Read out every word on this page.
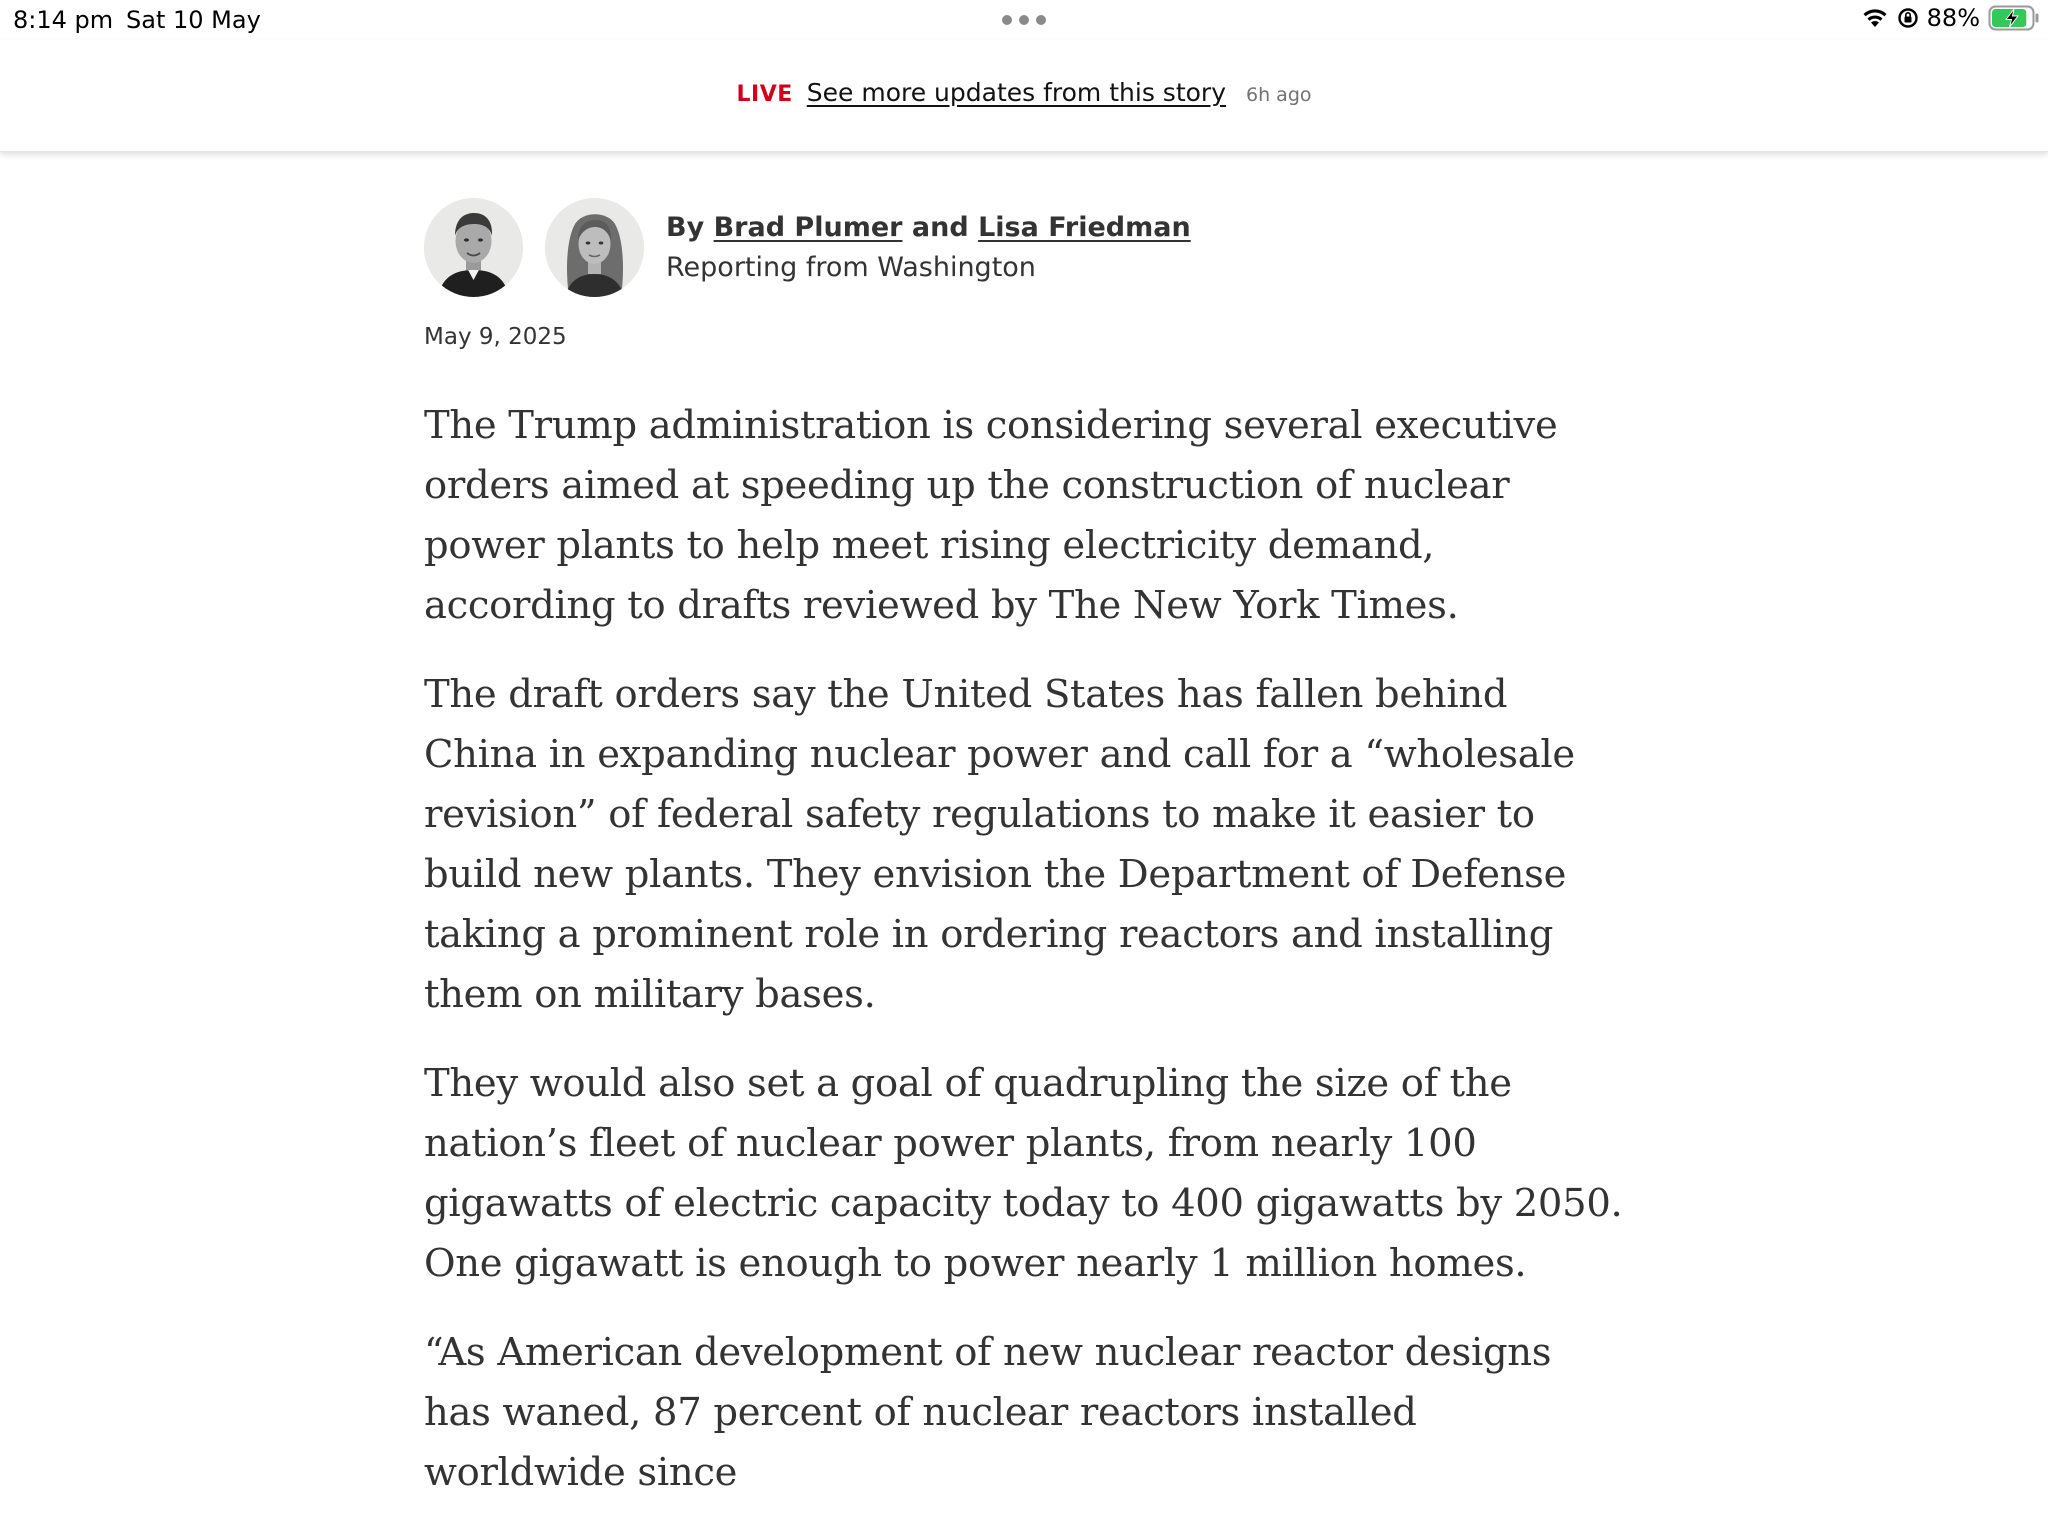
8:14 pm Sat 10 May	88%
LIVE See more updates from this story 6h ago
By Brad Plumer and Lisa Friedman
Reporting from Washington
May 9, 2025

The Trump administration is considering several executive orders aimed at speeding up the construction of nuclear power plants to help meet rising electricity demand, according to drafts reviewed by The New York Times.

The draft orders say the United States has fallen behind China in expanding nuclear power and call for a “wholesale revision” of federal safety regulations to make it easier to build new plants. They envision the Department of Defense taking a prominent role in ordering reactors and installing them on military bases.

They would also set a goal of quadrupling the size of the nation’s fleet of nuclear power plants, from nearly 100 gigawatts of electric capacity today to 400 gigawatts by 2050. One gigawatt is enough to power nearly 1 million homes.

“As American development of new nuclear reactor designs has waned, 87 percent of nuclear reactors installed worldwide since
